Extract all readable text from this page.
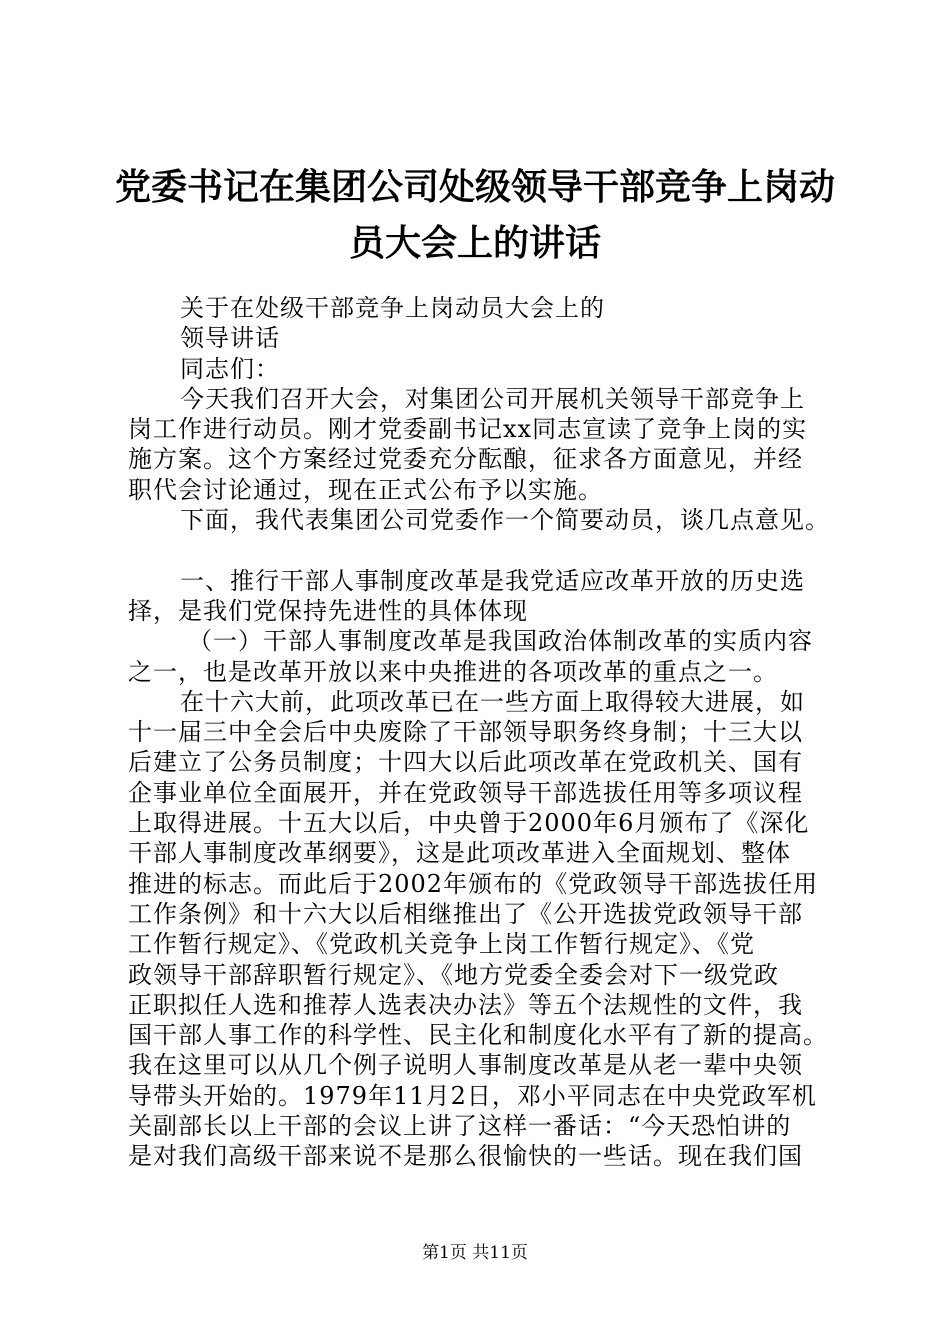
党委书记在集团公司处级领导干部竞争上岗动
员大会上的讲话
关于在处级干部竞争上岗动员大会上的
领导讲话
同志们：
今天我们召开大会，对集团公司开展机关领导干部竞争上
岗工作进行动员。刚才党委副书记xx同志宣读了竞争上岗的实
施方案。这个方案经过党委充分酝酿，征求各方面意见，并经
职代会讨论通过，现在正式公布予以实施。
下面，我代表集团公司党委作一个简要动员，谈几点意见。
一、推行干部人事制度改革是我党适应改革开放的历史选
择，是我们党保持先进性的具体体现
（一）干部人事制度改革是我国政治体制改革的实质内容
之一，也是改革开放以来中央推进的各项改革的重点之一。
在十六大前，此项改革已在一些方面上取得较大进展，如
十一届三中全会后中央废除了干部领导职务终身制；十三大以
后建立了公务员制度；十四大以后此项改革在党政机关、国有
企事业单位全面展开，并在党政领导干部选拔任用等多项议程
上取得进展。十五大以后，中央曾于2000年6月颁布了《深化
干部人事制度改革纲要》，这是此项改革进入全面规划、整体
推进的标志。而此后于2002年颁布的《党政领导干部选拔任用
工作条例》和十六大以后相继推出了《公开选拔党政领导干部
工作暂行规定》、《党政机关竞争上岗工作暂行规定》、《党
政领导干部辞职暂行规定》、《地方党委全委会对下一级党政
正职拟任人选和推荐人选表决办法》等五个法规性的文件，我
国干部人事工作的科学性、民主化和制度化水平有了新的提高。
我在这里可以从几个例子说明人事制度改革是从老一辈中央领
导带头开始的。1979年11月2日，邓小平同志在中央党政军机
关副部长以上干部的会议上讲了这样一番话：“今天恐怕讲的
是对我们高级干部来说不是那么很愉快的一些话。现在我们国
第1页 共11页
